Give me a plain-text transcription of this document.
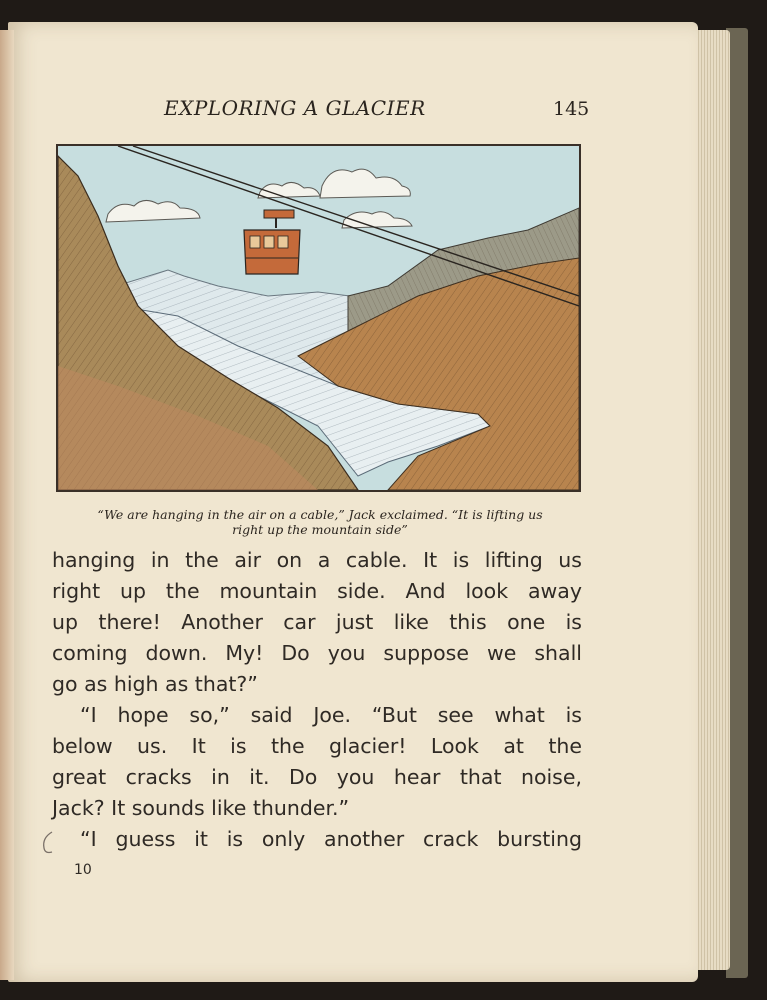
EXPLORING A GLACIER	145
“We are hanging in the air on a cable,” Jack exclaimed. “It is lifting us
right up the mountain side”
hanging in the air on a cable. It is lifting us
right up the mountain side. And look away
up there! Another car just like this one is
coming down. My! Do you suppose we shall
go as high as that?”
“I hope so,” said Joe. “But see what is
below us. It is the glacier! Look at the
great cracks in it. Do you hear that noise,
Jack? It sounds like thunder.”
“I guess it is only another crack bursting
10
